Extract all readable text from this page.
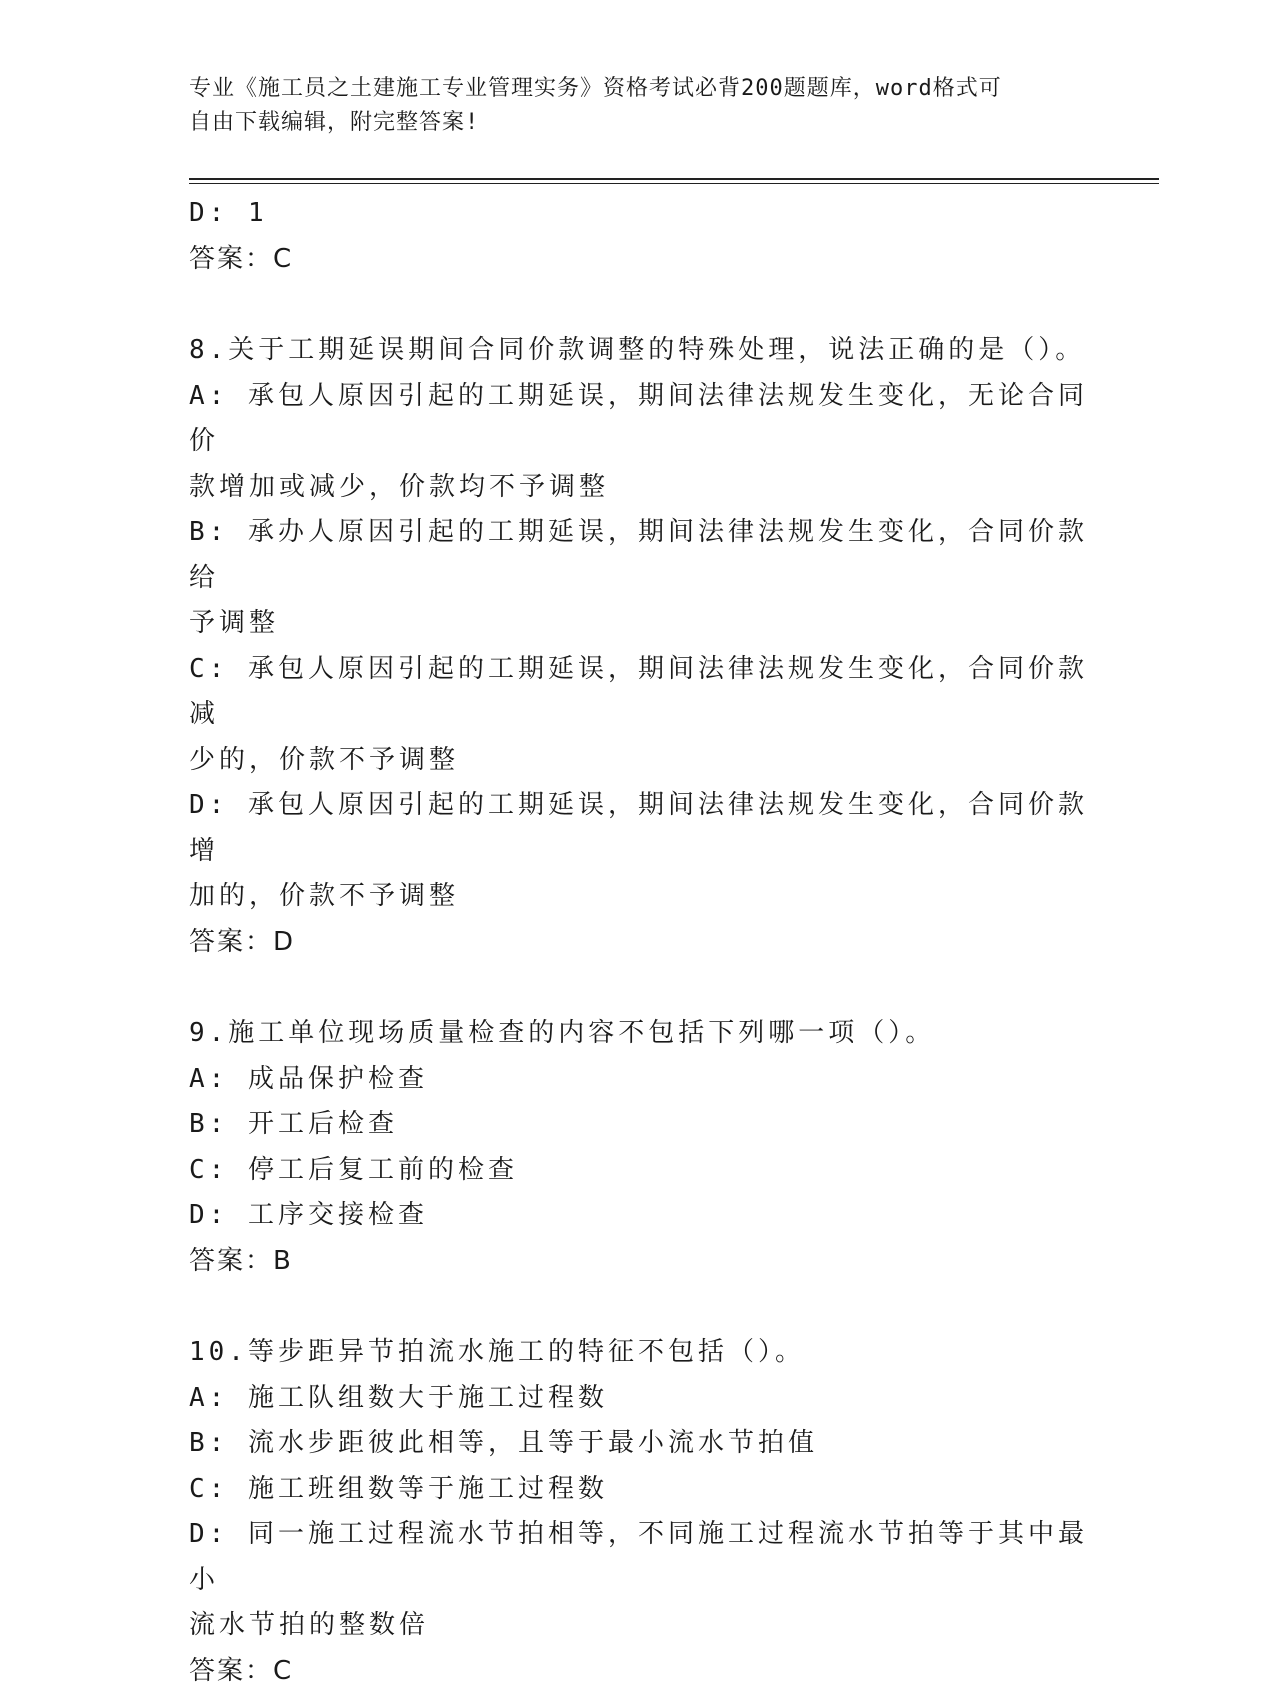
专业《施工员之土建施工专业管理实务》资格考试必背200题题库，word格式可
自由下载编辑，附完整答案!
D: 1
答案：C
8.关于工期延误期间合同价款调整的特殊处理，说法正确的是（）。
A: 承包人原因引起的工期延误，期间法律法规发生变化，无论合同价
款增加或减少，价款均不予调整
B: 承办人原因引起的工期延误，期间法律法规发生变化，合同价款给
予调整
C: 承包人原因引起的工期延误，期间法律法规发生变化，合同价款减
少的，价款不予调整
D: 承包人原因引起的工期延误，期间法律法规发生变化，合同价款增
加的，价款不予调整
答案：D
9.施工单位现场质量检查的内容不包括下列哪一项（）。
A: 成品保护检查
B: 开工后检查
C: 停工后复工前的检查
D: 工序交接检查
答案：B
10.等步距异节拍流水施工的特征不包括（）。
A: 施工队组数大于施工过程数
B: 流水步距彼此相等，且等于最小流水节拍值
C: 施工班组数等于施工过程数
D: 同一施工过程流水节拍相等，不同施工过程流水节拍等于其中最小
流水节拍的整数倍
答案：C
